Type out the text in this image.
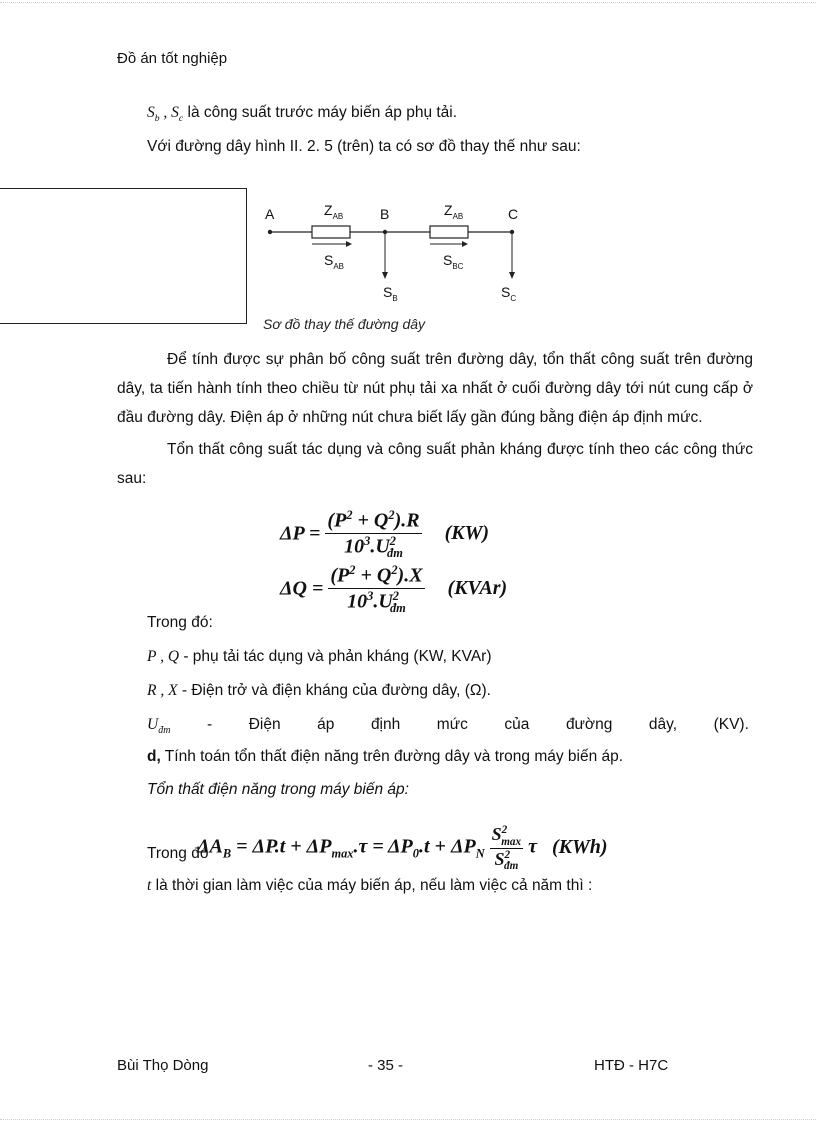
Đồ án tốt nghiệp
$S_b$ , $S_c$ là công suất trước máy biến áp phụ tải.
Với đường dây hình II. 2. 5 (trên) ta có sơ đồ thay thế như sau:
Sơ đồ thay thế đường dây
A	B	C
$Z_{AB}$	$Z_{AB}$
$S_{AB}$	$S_{BC}$
$S_B$	$S_C$
Để tính được sự phân bố công suất trên đường dây, tổn thất công suất trên đường dây, ta tiến hành tính theo chiều từ nút phụ tải xa nhất ở cuối đường dây tới nút cung cấp ở đầu đường dây. Điện áp ở những nút chưa biết lấy gần đúng bằng điện áp định mức.
Tổn thất công suất tác dụng và công suất phản kháng được tính theo các công thức sau:
$\Delta P = \frac{(P^2 + Q^2).R}{10^3.U^2_{đm}} (KW)$
$\Delta Q = \frac{(P^2 + Q^2).X}{10^3.U^2_{đm}}$ (KVAr)
Trong đó:
P , Q - phụ tải tác dụng và phản kháng (KW, KVAr)
R , X - Điện trở và điện kháng của đường dây, (Ω).
$U_{đm}$ - Điện áp định mức của đường dây, (KV).
d, Tính toán tổn thất điện năng trên đường dây và trong máy biến áp.
Tổn thất điện năng trong máy biến áp:
Trong đó
$\Delta A_B = \Delta P.t + \Delta P_{max}.\tau = \Delta P_0.t + \Delta P_N \frac{S^2_{max}}{S^2_{đm}}$ τ (KWh)
t là thời gian làm việc của máy biến áp, nếu làm việc cả năm thì :
Bùi Thọ Dòng	- 35 -	HTĐ - H7C
